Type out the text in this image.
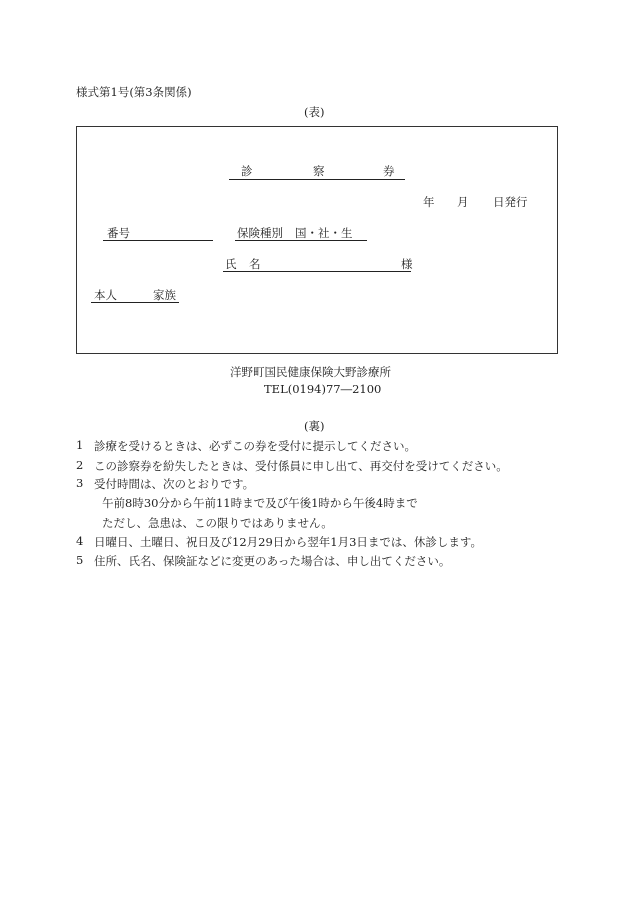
様式第1号(第3条関係)
(表)
診	察	券
年 月 日発行
番号	保険種別 国・社・生
氏 名	様
本人	家族
洋野町国民健康保険大野診療所
TEL(0194)77―2100
(裏)
1 診療を受けるときは、必ずこの券を受付に提示してください。
2 この診察券を紛失したときは、受付係員に申し出て、再交付を受けてください。
3 受付時間は、次のとおりです。
午前8時30分から午前11時まで及び午後1時から午後4時まで
ただし、急患は、この限りではありません。
4 日曜日、土曜日、祝日及び12月29日から翌年1月3日までは、休診します。
5 住所、氏名、保険証などに変更のあった場合は、申し出てください。
